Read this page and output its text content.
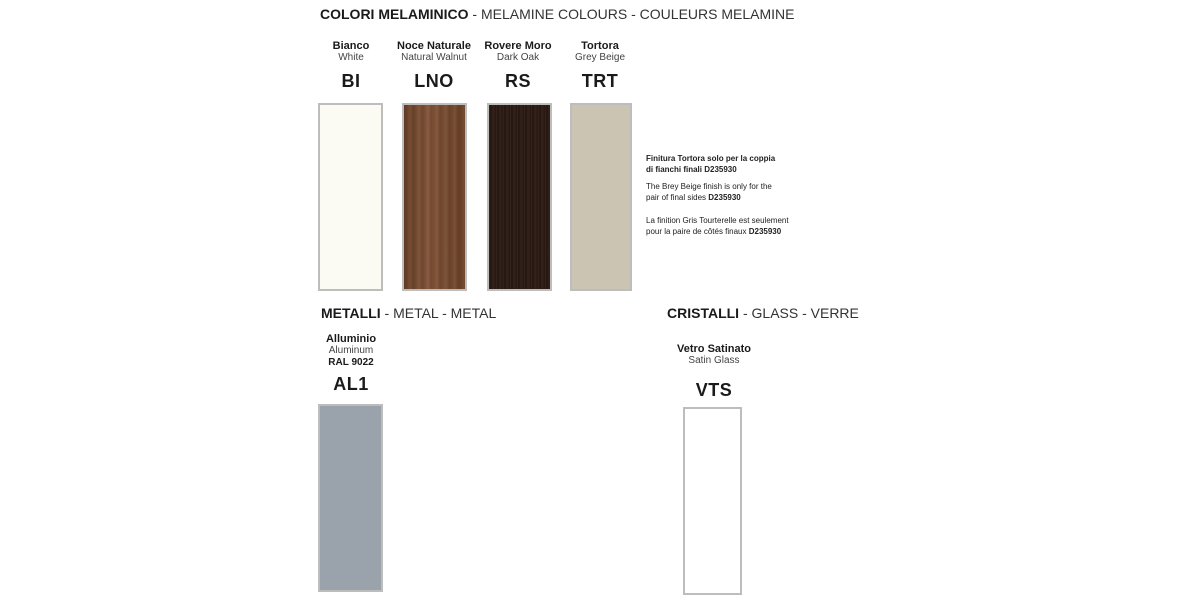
COLORI MELAMINICO - MELAMINE COLOURS - COULEURS MELAMINE
Bianco
White
BI
Noce Naturale
Natural Walnut
LNO
Rovere Moro
Dark Oak
RS
Tortora
Grey Beige
TRT

Finitura Tortora solo per la coppia
di fianchi finali D235930

The Brey Beige finish is only for the
pair of final sides D235930

La finition Gris Tourterelle est seulement
pour la paire de côtés finaux D235930

METALLI - METAL - METAL
Alluminio
Aluminum
RAL 9022
AL1
CRISTALLI - GLASS - VERRE
Vetro Satinato
Satin Glass
VTS
